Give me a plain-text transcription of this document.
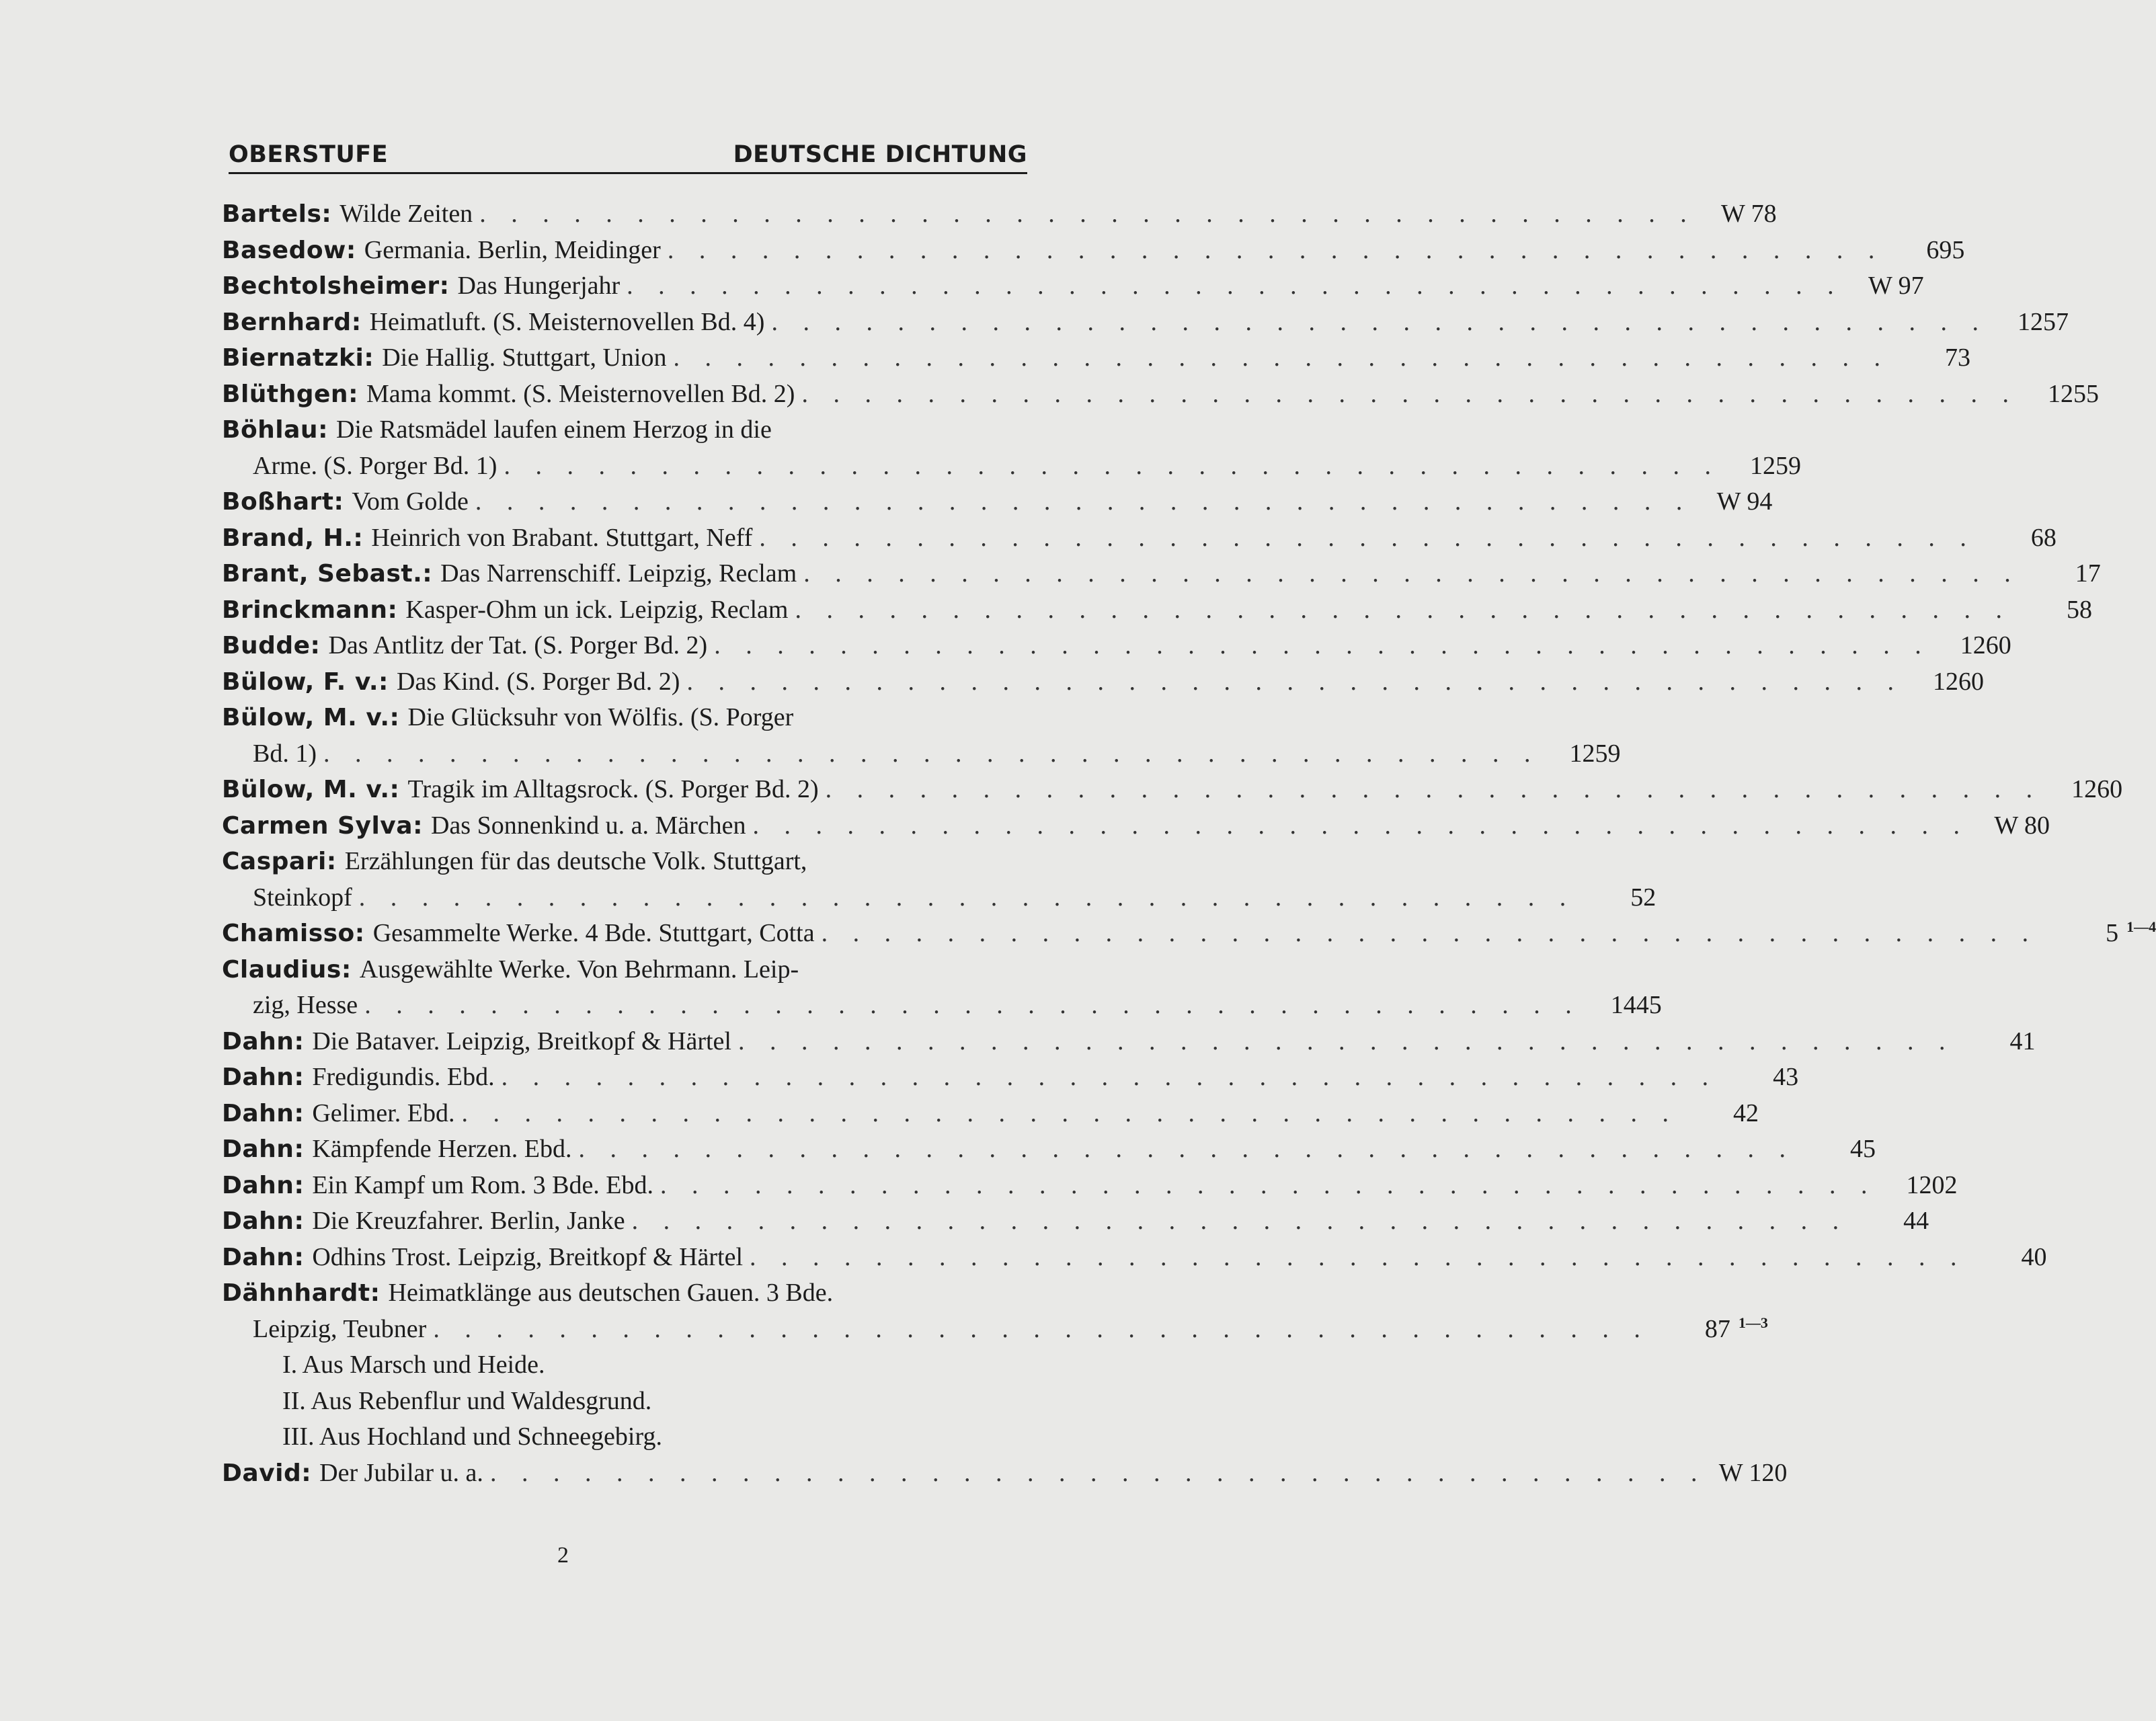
OBERSTUFE	DEUTSCHE DICHTUNG
Bartels : Wilde Zeiten . . . . . . . . . . . . . . . . . . . . . . . . . . . . . . . . . . . . . . . W 78
Basedow : Germania. Berlin, Meidinger . . . . . . . . . . . . . . . . . . . . . . . . . . . . . . . . . . . . . . .	695
Bechtolsheimer : Das Hungerjahr . . . . . . . . . . . . . . . . . . . . . . . . . . . . . . . . . . . . . . . W 97
Bernhard : Heimatluft. (S. Meisternovellen Bd. 4) . . . . . . . . . . . . . . . . . . . . . . . . . . . . . . . . . . . . . . .	1257
Biernatzki : Die Hallig. Stuttgart, Union . . . . . . . . . . . . . . . . . . . . . . . . . . . . . . . . . . . . . . .	73
Blüthgen : Mama kommt. (S. Meisternovellen Bd. 2) . . . . . . . . . . . . . . . . . . . . . . . . . . . . . . . . . . . . . . .	1255
Böhlau : Die Ratsmädel laufen einem Herzog in die
Arme. (S. Porger Bd. 1) . . . . . . . . . . . . . . . . . . . . . . . . . . . . . . . . . . . . . . .	1259
Boßhart : Vom Golde . . . . . . . . . . . . . . . . . . . . . . . . . . . . . . . . . . . . . . . W 94
Brand, H. : Heinrich von Brabant. Stuttgart, Neff . . . . . . . . . . . . . . . . . . . . . . . . . . . . . . . . . . . . . . .	68
Brant, Sebast. : Das Narrenschiff. Leipzig, Reclam . . . . . . . . . . . . . . . . . . . . . . . . . . . . . . . . . . . . . . .	17
Brinckmann : Kasper-Ohm un ick. Leipzig, Reclam . . . . . . . . . . . . . . . . . . . . . . . . . . . . . . . . . . . . . . .	58
Budde : Das Antlitz der Tat. (S. Porger Bd. 2) . . . . . . . . . . . . . . . . . . . . . . . . . . . . . . . . . . . . . . .	1260
Bülow, F. v. : Das Kind. (S. Porger Bd. 2) . . . . . . . . . . . . . . . . . . . . . . . . . . . . . . . . . . . . . . .	1260
Bülow, M. v. : Die Glücksuhr von Wölfis. (S. Porger
Bd. 1) . . . . . . . . . . . . . . . . . . . . . . . . . . . . . . . . . . . . . . .	1259
Bülow, M. v. : Tragik im Alltagsrock. (S. Porger Bd. 2) . . . . . . . . . . . . . . . . . . . . . . . . . . . . . . . . . . . . . . .	1260
Carmen Sylva : Das Sonnenkind u. a. Märchen . . . . . . . . . . . . . . . . . . . . . . . . . . . . . . . . . . . . . . . W 80
Caspari : Erzählungen für das deutsche Volk. Stuttgart,
Steinkopf . . . . . . . . . . . . . . . . . . . . . . . . . . . . . . . . . . . . . . .	52
Chamisso : Gesammelte Werke. 4 Bde. Stuttgart, Cotta . . . . . . . . . . . . . . . . . . . . . . . . . . . . . . . . . . . . . . .	5 1—4
Claudius : Ausgewählte Werke. Von Behrmann. Leip-
zig, Hesse . . . . . . . . . . . . . . . . . . . . . . . . . . . . . . . . . . . . . . .	1445
Dahn : Die Bataver. Leipzig, Breitkopf & Härtel . . . . . . . . . . . . . . . . . . . . . . . . . . . . . . . . . . . . . . .	41
Dahn : Fredigundis. Ebd. . . . . . . . . . . . . . . . . . . . . . . . . . . . . . . . . . . . . . . .	43
Dahn : Gelimer. Ebd. . . . . . . . . . . . . . . . . . . . . . . . . . . . . . . . . . . . . . . .	42
Dahn : Kämpfende Herzen. Ebd. . . . . . . . . . . . . . . . . . . . . . . . . . . . . . . . . . . . . . . .	45
Dahn : Ein Kampf um Rom. 3 Bde. Ebd. . . . . . . . . . . . . . . . . . . . . . . . . . . . . . . . . . . . . . . .	1202
Dahn : Die Kreuzfahrer. Berlin, Janke . . . . . . . . . . . . . . . . . . . . . . . . . . . . . . . . . . . . . . .	44
Dahn : Odhins Trost. Leipzig, Breitkopf & Härtel . . . . . . . . . . . . . . . . . . . . . . . . . . . . . . . . . . . . . . .	40
Dähnhardt : Heimatklänge aus deutschen Gauen. 3 Bde.
Leipzig, Teubner . . . . . . . . . . . . . . . . . . . . . . . . . . . . . . . . . . . . . . .	87 1—3
I. Aus Marsch und Heide.
II. Aus Rebenflur und Waldesgrund.
III. Aus Hochland und Schneegebirg.
David : Der Jubilar u. a. . . . . . . . . . . . . . . . . . . . . . . . . . . . . . . . . . . . . . . . W 120
2
